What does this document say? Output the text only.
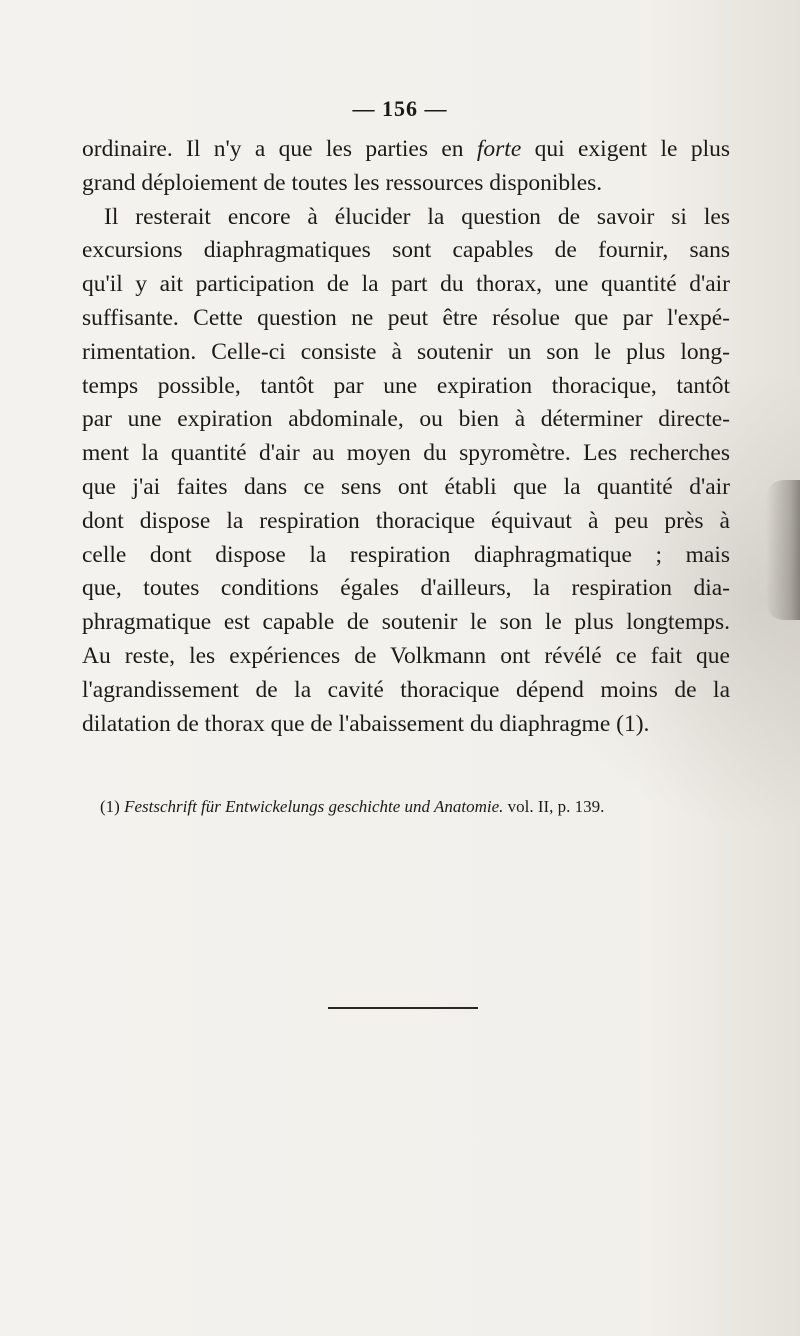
— 156 —
ordinaire. Il n'y a que les parties en forte qui exigent le plus
grand déploiement de toutes les ressources disponibles.
Il resterait encore à élucider la question de savoir si les
excursions diaphragmatiques sont capables de fournir, sans
qu'il y ait participation de la part du thorax, une quantité d'air
suffisante. Cette question ne peut être résolue que par l'expé-
rimentation. Celle-ci consiste à soutenir un son le plus long-
temps possible, tantôt par une expiration thoracique, tantôt
par une expiration abdominale, ou bien à déterminer directe-
ment la quantité d'air au moyen du spyromètre. Les recherches
que j'ai faites dans ce sens ont établi que la quantité d'air
dont dispose la respiration thoracique équivaut à peu près à
celle dont dispose la respiration diaphragmatique ; mais
que, toutes conditions égales d'ailleurs, la respiration dia-
phragmatique est capable de soutenir le son le plus longtemps.
Au reste, les expériences de Volkmann ont révélé ce fait que
l'agrandissement de la cavité thoracique dépend moins de la
dilatation de thorax que de l'abaissement du diaphragme (1).
(1) Festschrift für Entwickelungs geschichte und Anatomie. vol. II, p. 139.
